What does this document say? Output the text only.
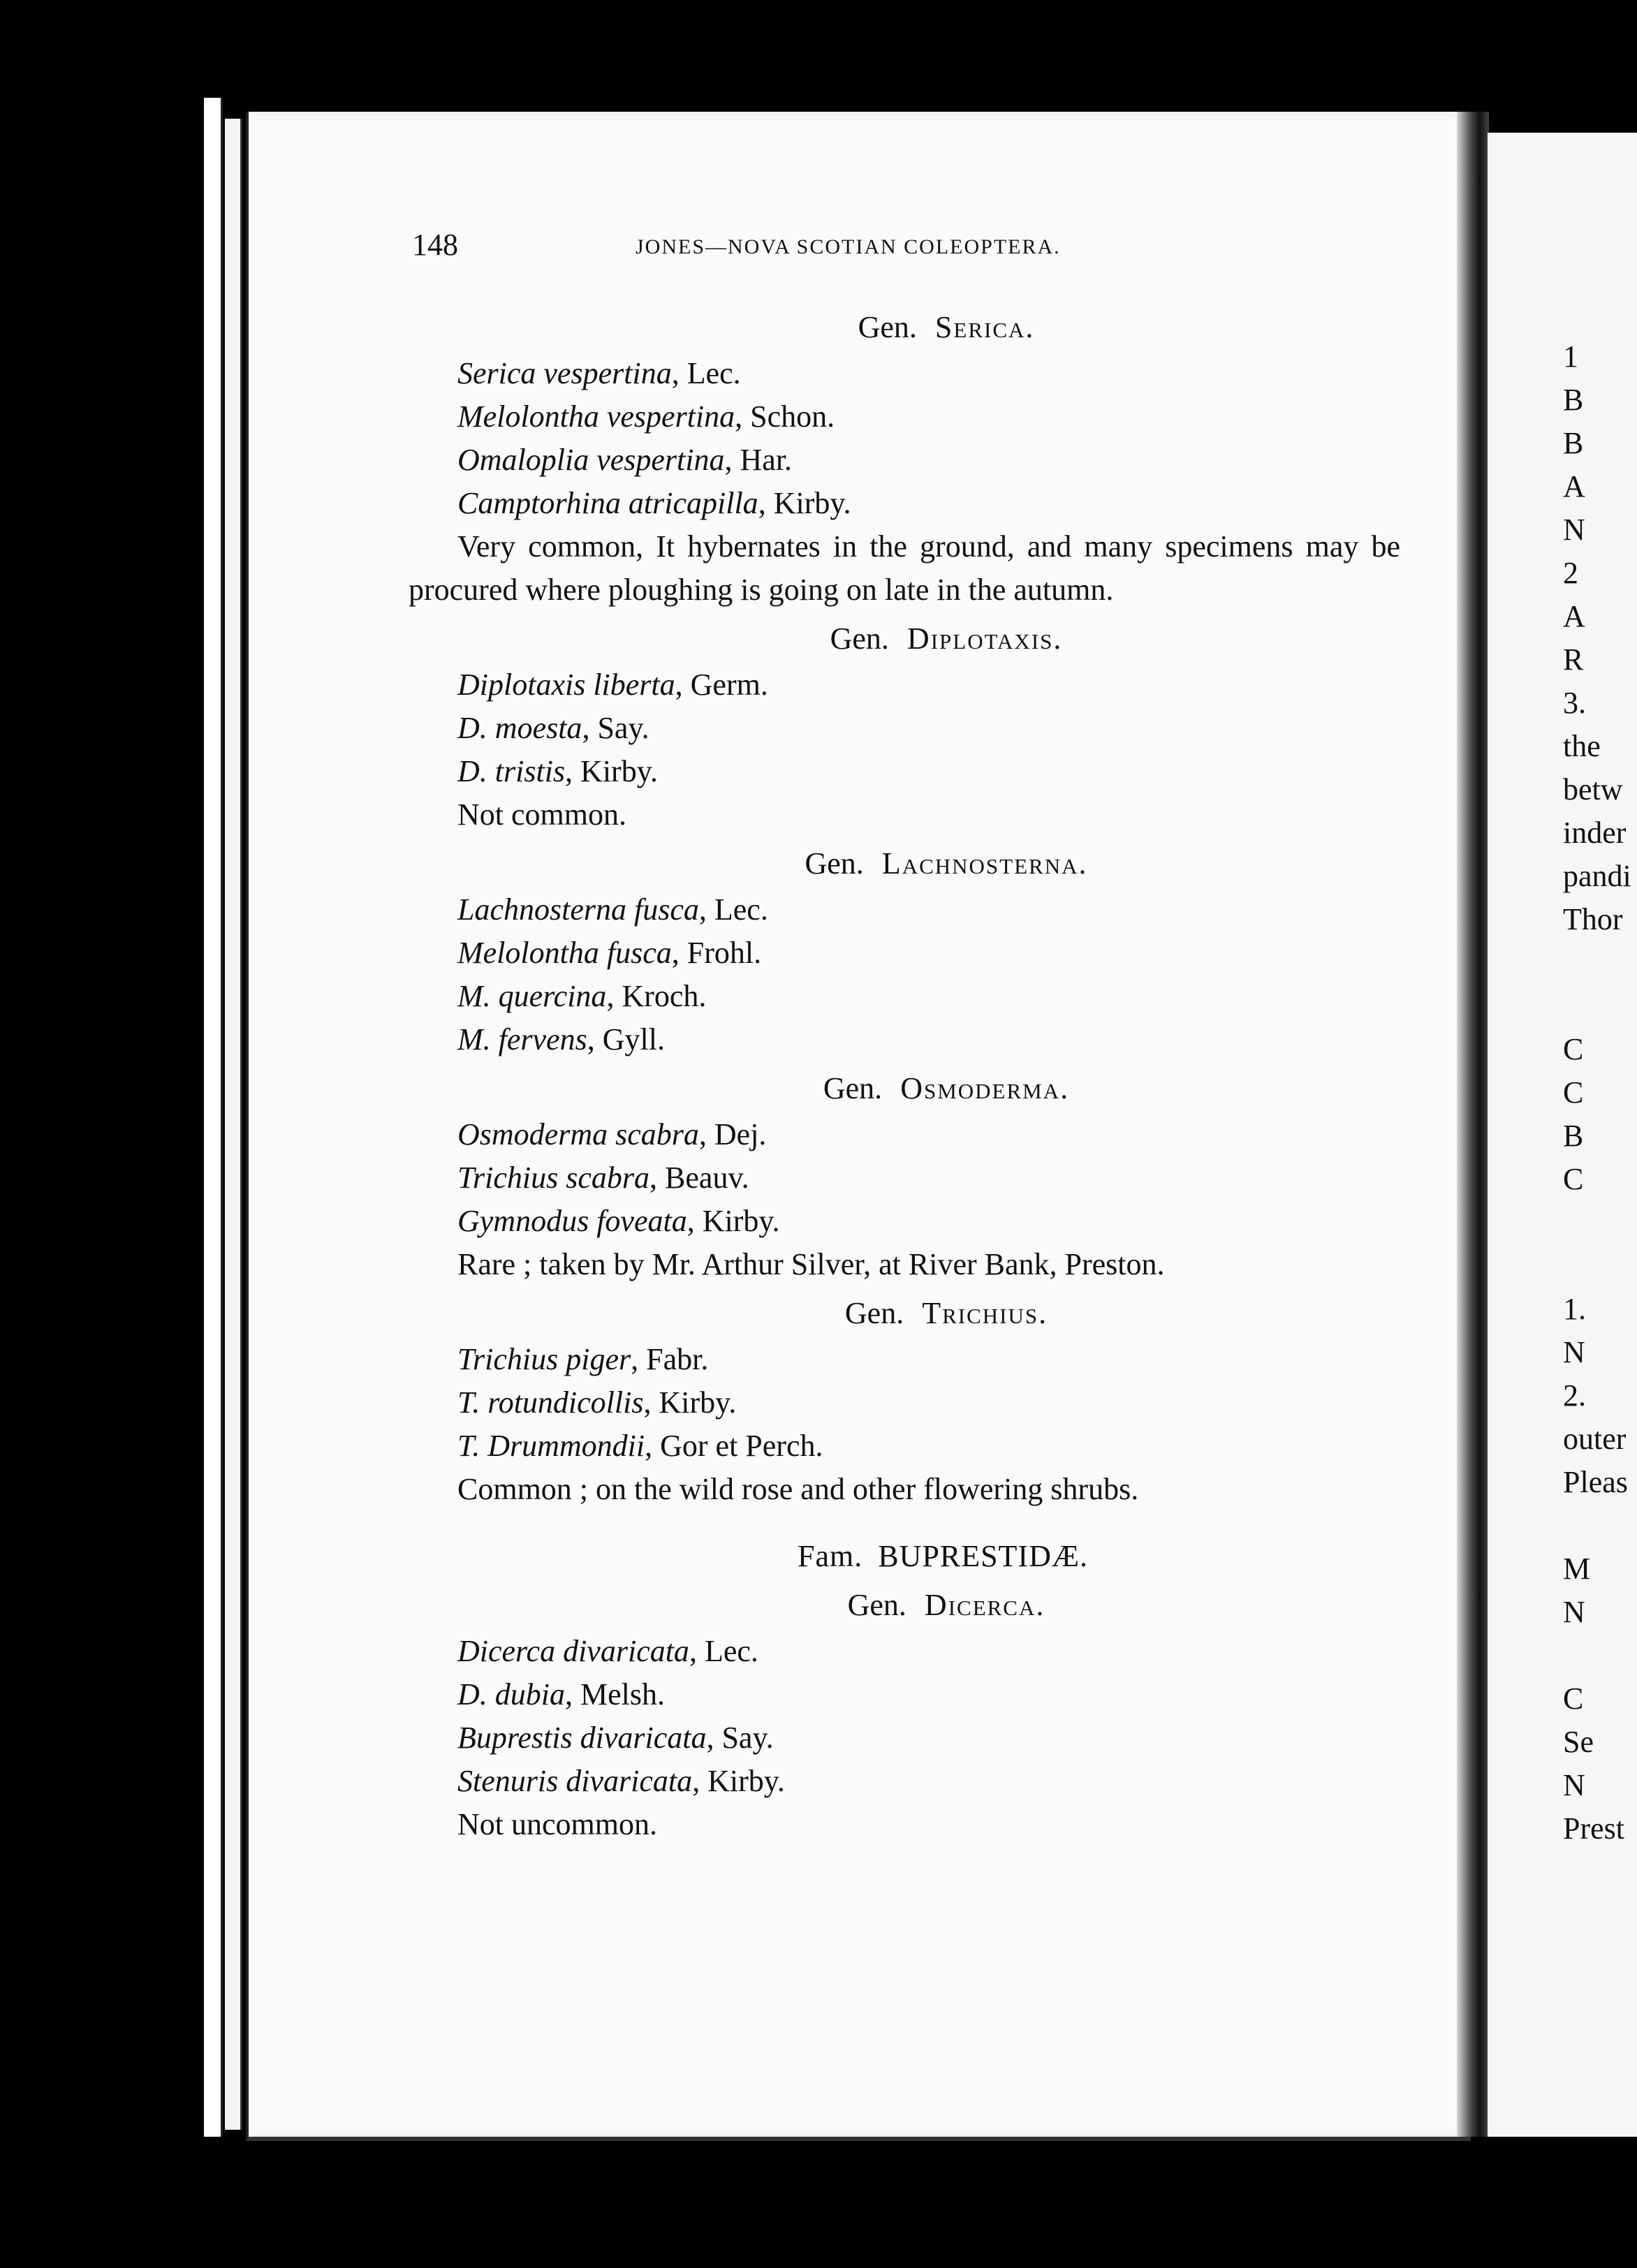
148	JONES—NOVA SCOTIAN COLEOPTERA.
Gen. Serica.
Serica vespertina, Lec.
Melolontha vespertina, Schon.
Omaloplia vespertina, Har.
Camptorhina atricapilla, Kirby.
Very common, It hybernates in the ground, and many specimens may be procured where ploughing is going on late in the autumn.
Gen. Diplotaxis.
Diplotaxis liberta, Germ.
D. moesta, Say.
D. tristis, Kirby.
Not common.
Gen. Lachnosterna.
Lachnosterna fusca, Lec.
Melolontha fusca, Frohl.
M. quercina, Kroch.
M. fervens, Gyll.
Gen. Osmoderma.
Osmoderma scabra, Dej.
Trichius scabra, Beauv.
Gymnodus foveata, Kirby.
Rare ; taken by Mr. Arthur Silver, at River Bank, Preston.
Gen. Trichius.
Trichius piger, Fabr.
T. rotundicollis, Kirby.
T. Drummondii, Gor et Perch.
Common ; on the wild rose and other flowering shrubs.
Fam. BUPRESTIDÆ.
Gen. Dicerca.
Dicerca divaricata, Lec.
D. dubia, Melsh.
Buprestis divaricata, Say.
Stenuris divaricata, Kirby.
Not uncommon.
1
B
B
A
N
2
A
R
3.
the
betw
inder
pandi
Thor
C
C
B
C
1.
N
2.
outer
Pleas
M
N
C
Se
N
Prest
